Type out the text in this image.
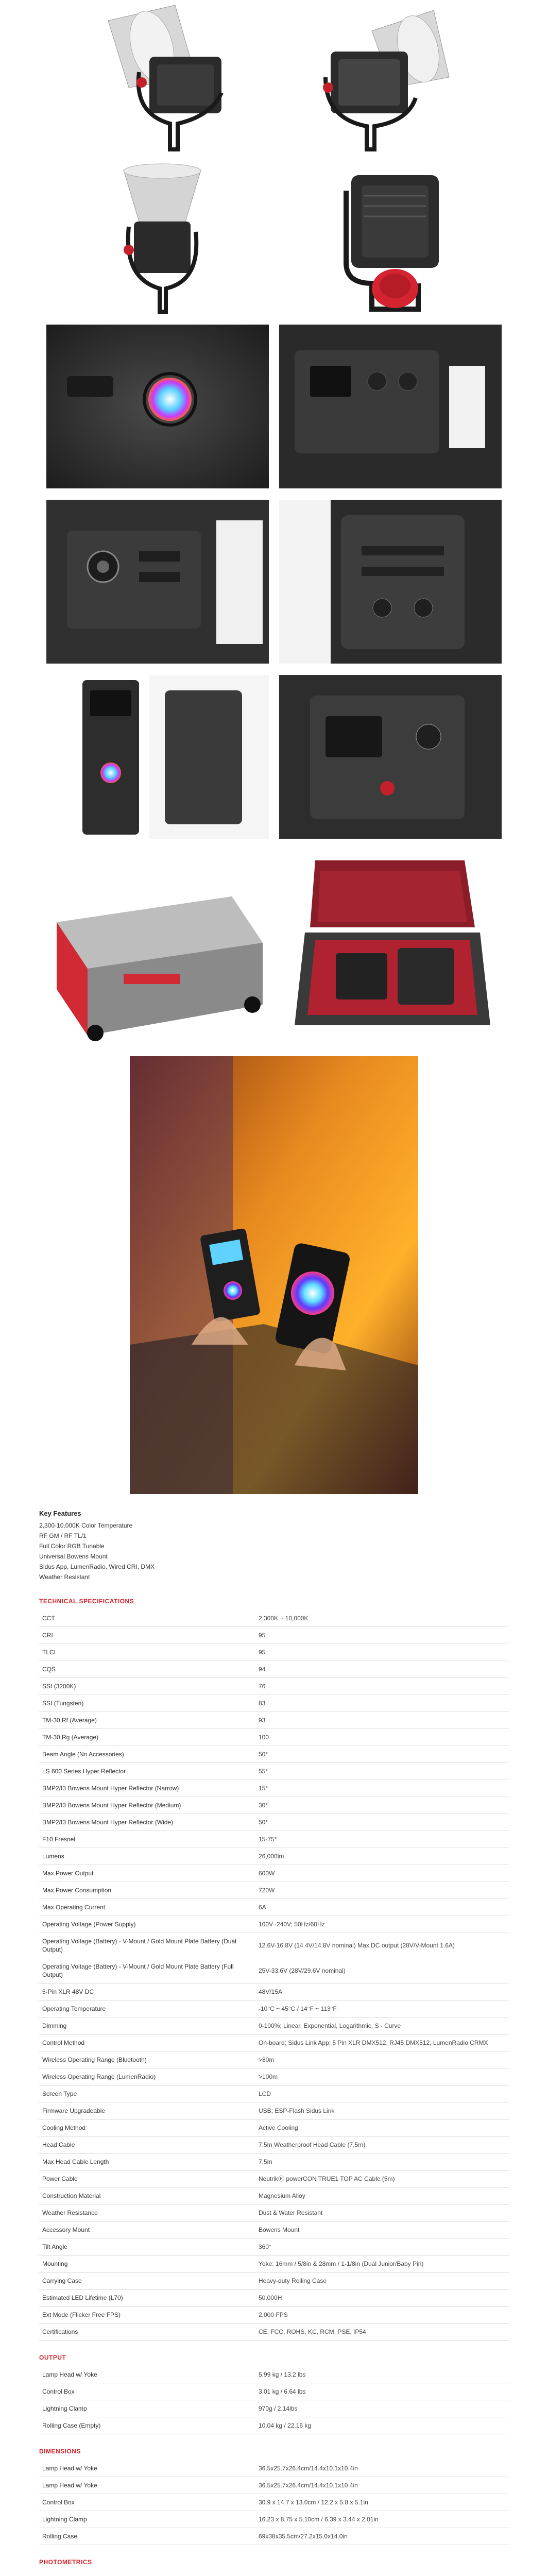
Key Features
2,300-10,000K Color Temperature
RF GM / RF TL/1
Full Color RGB Tunable
Universal Bowens Mount
Sidus App, LumenRadio, Wired CRI, DMX
Weather Resistant
TECHNICAL SPECIFICATIONS
CCT	2,300K ~ 10,000K
CRI	95
TLCI	95
CQS	94
SSI (3200K)	76
SSI (Tungsten)	83
TM-30 Rf (Average)	93
TM-30 Rg (Average)	100
Beam Angle (No Accessories)	50°
LS 600 Series Hyper Reflector	55°
BMP2/I3 Bowens Mount Hyper Reflector (Narrow)	15°
BMP2/I3 Bowens Mount Hyper Reflector (Medium)	30°
BMP2/I3 Bowens Mount Hyper Reflector (Wide)	50°
F10 Fresnel	15-75°
Lumens	26,000lm
Max Power Output	600W
Max Power Consumption	720W
Max Operating Current	6A
Operating Voltage (Power Supply)	100V~240V; 50Hz/60Hz
Operating Voltage (Battery) - V-Mount / Gold Mount Plate Battery (Dual Output)	12.6V-16.8V (14.4V/14.8V nominal) Max DC output (28V/V-Mount 1.6A)
Operating Voltage (Battery) - V-Mount / Gold Mount Plate Battery (Full Output)	25V-33.6V (28V/29.6V nominal)
5-Pin XLR 48V DC	48V/15A
Operating Temperature	-10°C ~ 45°C / 14°F ~ 113°F
Dimming	0-100%; Linear, Exponential, Logarithmic, S - Curve
Control Method	On-board; Sidus Link App; 5 Pin XLR DMX512, RJ45 DMX512, LumenRadio CRMX
Wireless Operating Range (Bluetooth)	>80m
Wireless Operating Range (LumenRadio)	>100m
Screen Type	LCD
Firmware Upgradeable	USB; ESP-Flash Sidus Link
Cooling Method	Active Cooling
Head Cable	7.5m Weatherproof Head Cable (7.5m)
Max Head Cable Length	7.5m
Power Cable	NeutrikⓇ powerCON TRUE1 TOP AC Cable (5m)
Construction Material	Magnesium Alloy
Weather Resistance	Dust & Water Resistant
Accessory Mount	Bowens Mount
Tilt Angle	360°
Mounting	Yoke: 16mm / 5/8in & 28mm / 1-1/8in (Dual Junior/Baby Pin)
Carrying Case	Heavy-duty Rolling Case
Estimated LED Lifetime (L70)	50,000H
Ext Mode (Flicker Free FPS)	2,000 FPS
Certifications	CE, FCC, ROHS, KC, RCM, PSE, IP54
OUTPUT
Lamp Head w/ Yoke	5.99 kg / 13.2 lbs
Control Box	3.01 kg / 6.64 lbs
Lightning Clamp	970g / 2.14lbs
Rolling Case (Empty)	10.04 kg / 22.16 kg
DIMENSIONS
Lamp Head w/ Yoke	36.5x25.7x26.4cm/14.4x10.1x10.4in
Lamp Head w/ Yoke	36.5x25.7x26.4cm/14.4x10.1x10.4in
Control Box	30.9 x 14.7 x 13.0cm / 12.2 x 5.8 x 5.1in
Lightning Clamp	16.23 x 8.75 x 5.10cm / 6.39 x 3.44 x 2.01in
Rolling Case	69x38x35.5cm/27.2x15.0x14.0in
PHOTOMETRICS
